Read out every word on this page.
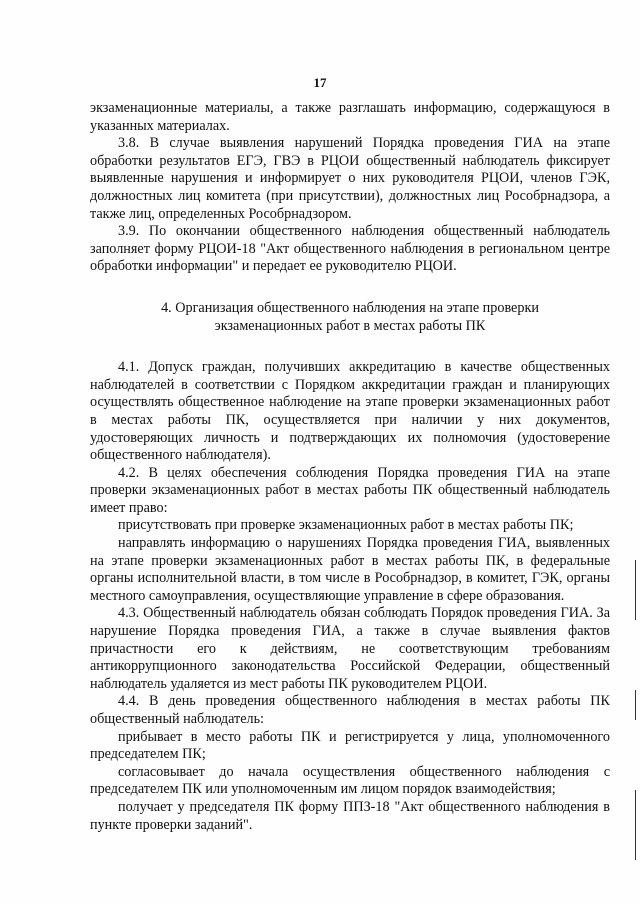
17

экзаменационные материалы, а также разглашать информацию, содержащуюся в указанных материалах.

3.8. В случае выявления нарушений Порядка проведения ГИА на этапе обработки результатов ЕГЭ, ГВЭ в РЦОИ общественный наблюдатель фиксирует выявленные нарушения и информирует о них руководителя РЦОИ, членов ГЭК, должностных лиц комитета (при присутствии), должностных лиц Рособрнадзора, а также лиц, определенных Рособрнадзором.

3.9. По окончании общественного наблюдения общественный наблюдатель заполняет форму РЦОИ-18 "Акт общественного наблюдения в региональном центре обработки информации" и передает ее руководителю РЦОИ.

4. Организация общественного наблюдения на этапе проверки
экзаменационных работ в местах работы ПК

4.1. Допуск граждан, получивших аккредитацию в качестве общественных наблюдателей в соответствии с Порядком аккредитации граждан и планирующих осуществлять общественное наблюдение на этапе проверки экзаменационных работ в местах работы ПК, осуществляется при наличии у них документов, удостоверяющих личность и подтверждающих их полномочия (удостоверение общественного наблюдателя).

4.2. В целях обеспечения соблюдения Порядка проведения ГИА на этапе проверки экзаменационных работ в местах работы ПК общественный наблюдатель имеет право:

присутствовать при проверке экзаменационных работ в местах работы ПК;

направлять информацию о нарушениях Порядка проведения ГИА, выявленных на этапе проверки экзаменационных работ в местах работы ПК, в федеральные органы исполнительной власти, в том числе в Рособрнадзор, в комитет, ГЭК, органы местного самоуправления, осуществляющие управление в сфере образования.

4.3. Общественный наблюдатель обязан соблюдать Порядок проведения ГИА. За нарушение Порядка проведения ГИА, а также в случае выявления фактов причастности его к действиям, не соответствующим требованиям антикоррупционного законодательства Российской Федерации, общественный наблюдатель удаляется из мест работы ПК руководителем РЦОИ.

4.4. В день проведения общественного наблюдения в местах работы ПК общественный наблюдатель:

прибывает в место работы ПК и регистрируется у лица, уполномоченного председателем ПК;

согласовывает до начала осуществления общественного наблюдения с председателем ПК или уполномоченным им лицом порядок взаимодействия;

получает у председателя ПК форму ППЗ-18 "Акт общественного наблюдения в пункте проверки заданий".
